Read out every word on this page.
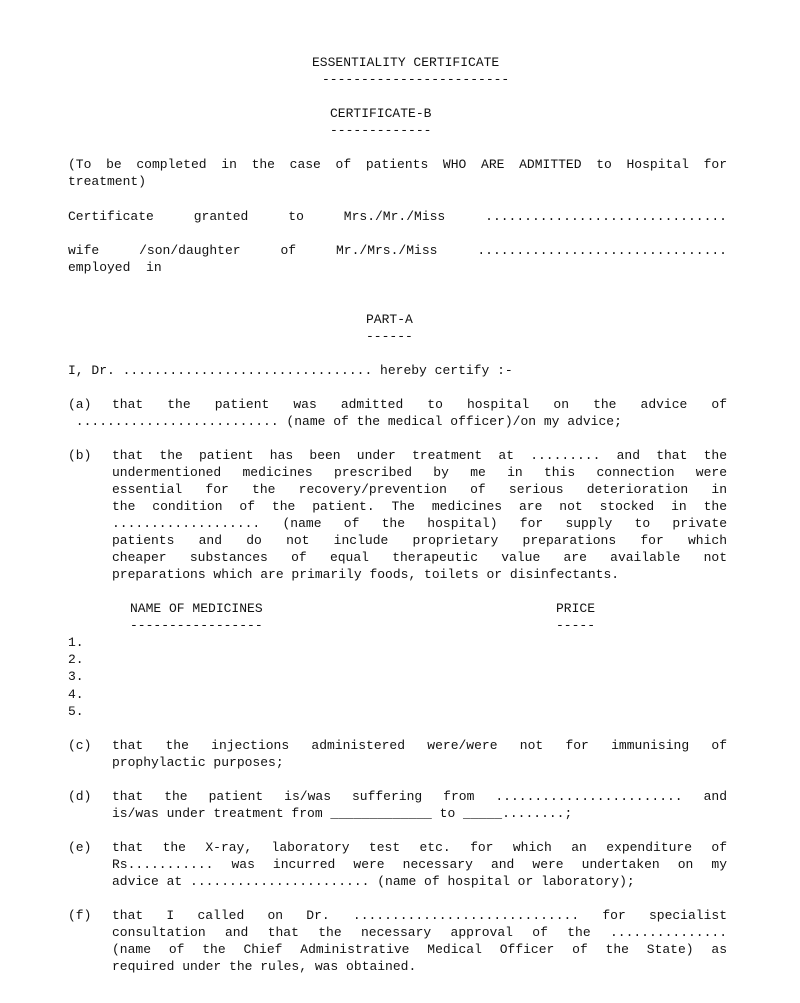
ESSENTIALITY CERTIFICATE
------------------------
CERTIFICATE-B
-------------
(To be completed in the case of patients WHO ARE ADMITTED to Hospital for
treatment)
Certificate granted to Mrs./Mr./Miss ...............................
wife /son/daughter of Mr./Mrs./Miss ................................
employed  in
PART-A
------
I, Dr. ................................ hereby certify :-
(a) that the patient was admitted to hospital on the advice of
.......................... (name of the medical officer)/on my advice;
(b) that the patient has been under treatment at ......... and that the
undermentioned medicines prescribed by me in this connection were
essential for the recovery/prevention of serious deterioration in
the condition of the patient. The medicines are not stocked in the
................... (name of the hospital) for supply to private
patients and do not include proprietary preparations for which
cheaper substances of equal therapeutic value are available not
preparations which are primarily foods, toilets or disinfectants.
NAME OF MEDICINES
-----------------
PRICE
-----
1.
2.
3.
4.
5.
(c) that the injections administered were/were not for immunising of
prophylactic purposes;
(d) that the patient is/was suffering from ........................ and
is/was under treatment from _____________ to _____........;
(e) that the X-ray, laboratory test etc. for which an expenditure of
Rs........... was incurred were necessary and were undertaken on my
advice at ....................... (name of hospital or laboratory);
(f) that I called on Dr. ............................. for specialist
consultation and that the necessary approval of the ...............
(name of the Chief Administrative Medical Officer of the State) as
required under the rules, was obtained.
